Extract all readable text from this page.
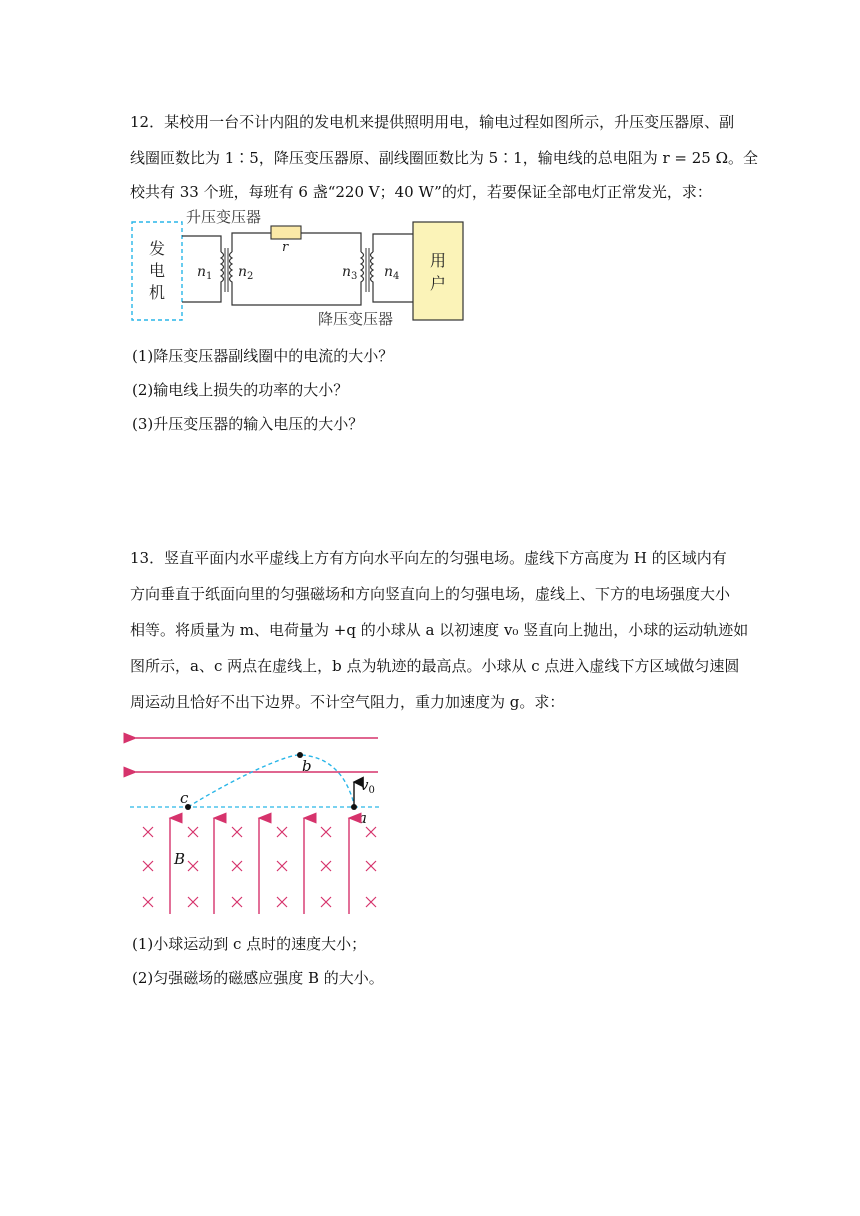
12．某校用一台不计内阻的发电机来提供照明用电，输电过程如图所示，升压变压器原、副
线圈匝数比为 1∶5，降压变压器原、副线圈匝数比为 5∶1，输电线的总电阻为 r = 25 Ω。全
校共有 33 个班，每班有 6 盏“220 V；40 W”的灯，若要保证全部电灯正常发光，求：
发
电
机
发电机
升压变压器
$n_1$ $n_2$
r
$n_3$ $n_4$
用
户
用户
降压变压器
(1)降压变压器副线圈中的电流的大小？
(2)输电线上损失的功率的大小？
(3)升压变压器的输入电压的大小？
13．竖直平面内水平虚线上方有方向水平向左的匀强电场。虚线下方高度为 H 的区域内有
方向垂直于纸面向里的匀强磁场和方向竖直向上的匀强电场，虚线上、下方的电场强度大小
相等。将质量为 m、电荷量为 +q 的小球从 a 以初速度 v₀ 竖直向上抛出，小球的运动轨迹如
图所示，a、c 两点在虚线上，b 点为轨迹的最高点。小球从 c 点进入虚线下方区域做匀速圆
周运动且恰好不出下边界。不计空气阻力，重力加速度为 g。求：
b
c
a
$v_0$
B
(1)小球运动到 c 点时的速度大小；
(2)匀强磁场的磁感应强度 B 的大小。
